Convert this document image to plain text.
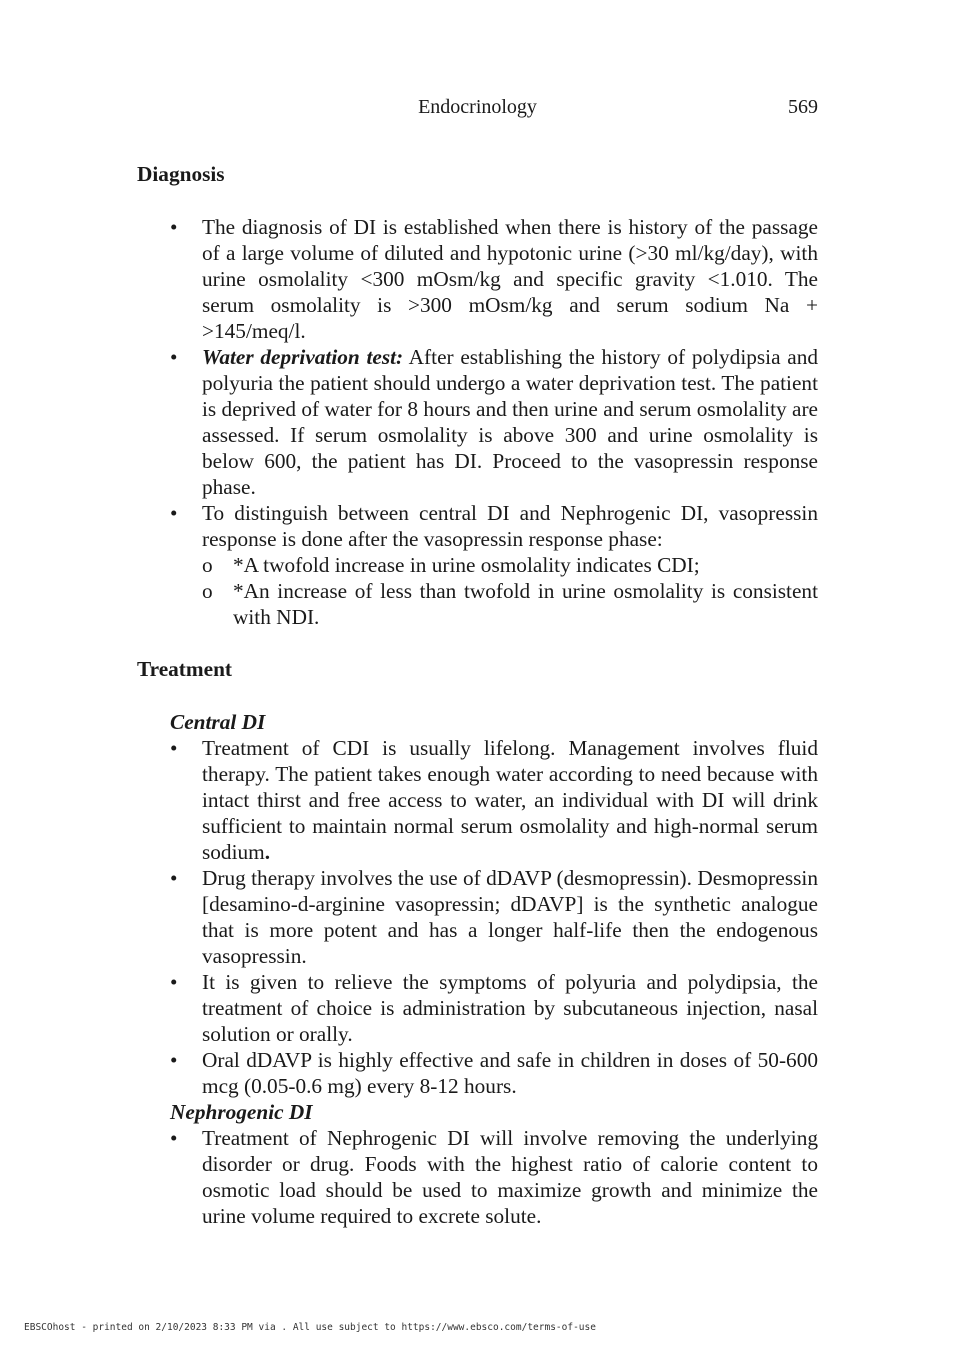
Endocrinology	569
Diagnosis
• The diagnosis of DI is established when there is history of the passage of a large volume of diluted and hypotonic urine (>30 ml/kg/day), with urine osmolality <300 mOsm/kg and specific gravity <1.010. The serum osmolality is >300 mOsm/kg and serum sodium Na + >145/meq/l.
• Water deprivation test: After establishing the history of polydipsia and polyuria the patient should undergo a water deprivation test. The patient is deprived of water for 8 hours and then urine and serum osmolality are assessed. If serum osmolality is above 300 and urine osmolality is below 600, the patient has DI. Proceed to the vasopressin response phase.
• To distinguish between central DI and Nephrogenic DI, vasopressin response is done after the vasopressin response phase:
o *A twofold increase in urine osmolality indicates CDI;
o *An increase of less than twofold in urine osmolality is consistent with NDI.
Treatment
Central DI
• Treatment of CDI is usually lifelong. Management involves fluid therapy. The patient takes enough water according to need because with intact thirst and free access to water, an individual with DI will drink sufficient to maintain normal serum osmolality and high-normal serum sodium.
• Drug therapy involves the use of dDAVP (desmopressin). Desmopressin [desamino-d-arginine vasopressin; dDAVP] is the synthetic analogue that is more potent and has a longer half-life then the endogenous vasopressin.
• It is given to relieve the symptoms of polyuria and polydipsia, the treatment of choice is administration by subcutaneous injection, nasal solution or orally.
• Oral dDAVP is highly effective and safe in children in doses of 50-600 mcg (0.05-0.6 mg) every 8-12 hours.
Nephrogenic DI
• Treatment of Nephrogenic DI will involve removing the underlying disorder or drug. Foods with the highest ratio of calorie content to osmotic load should be used to maximize growth and minimize the urine volume required to excrete solute.
EBSCOhost - printed on 2/10/2023 8:33 PM via . All use subject to https://www.ebsco.com/terms-of-use
